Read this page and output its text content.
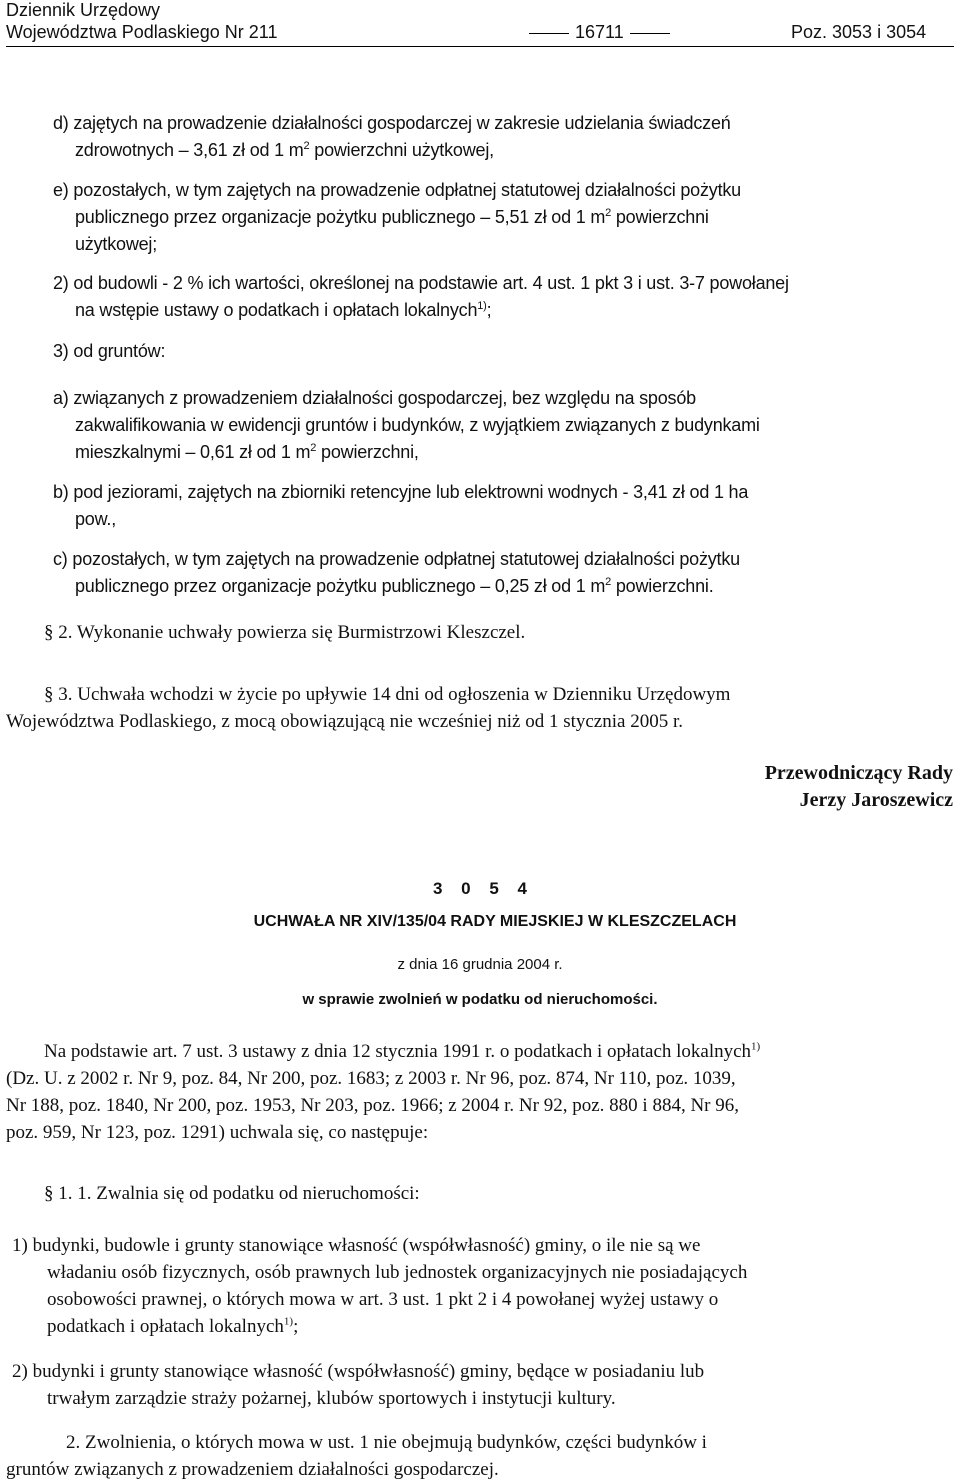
Dziennik Urzędowy
Województwa Podlaskiego Nr 211	16711	Poz. 3053 i 3054
d) zajętych na prowadzenie działalności gospodarczej w zakresie udzielania świadczeń
zdrowotnych – 3,61 zł od 1 $m^2$ powierzchni użytkowej,
e) pozostałych, w tym zajętych na prowadzenie odpłatnej statutowej działalności pożytku
publicznego przez organizacje pożytku publicznego – 5,51 zł od 1 $m^2$ powierzchni
użytkowej;
2) od budowli - 2 % ich wartości, określonej na podstawie art. 4 ust. 1 pkt 3 i ust. 3-7 powołanej
na wstępie ustawy o podatkach i opłatach lokalnych$^{1)}$;
3) od gruntów:
a) związanych z prowadzeniem działalności gospodarczej, bez względu na sposób
zakwalifikowania w ewidencji gruntów i budynków, z wyjątkiem związanych z budynkami
mieszkalnymi – 0,61 zł od 1 $m^2$ powierzchni,
b) pod jeziorami, zajętych na zbiorniki retencyjne lub elektrowni wodnych - 3,41 zł od 1 ha
pow.,
c) pozostałych, w tym zajętych na prowadzenie odpłatnej statutowej działalności pożytku
publicznego przez organizacje pożytku publicznego – 0,25 zł od 1 $m^2$ powierzchni.
§ 2. Wykonanie uchwały powierza się Burmistrzowi Kleszczel.
§ 3. Uchwała wchodzi w życie po upływie 14 dni od ogłoszenia w Dzienniku Urzędowym
Województwa Podlaskiego, z mocą obowiązującą nie wcześniej niż od 1 stycznia 2005 r.
Przewodniczący Rady
Jerzy Jaroszewicz
3 0 5 4
UCHWAŁA NR XIV/135/04 RADY MIEJSKIEJ W KLESZCZELACH
z dnia 16 grudnia 2004 r.
w sprawie zwolnień w podatku od nieruchomości.
Na podstawie art. 7 ust. 3 ustawy z dnia 12 stycznia 1991 r. o podatkach i opłatach lokalnych$^{1)}$
(Dz. U. z 2002 r. Nr 9, poz. 84, Nr 200, poz. 1683; z 2003 r. Nr 96, poz. 874, Nr 110, poz. 1039,
Nr 188, poz. 1840, Nr 200, poz. 1953, Nr 203, poz. 1966; z 2004 r. Nr 92, poz. 880 i 884, Nr 96,
poz. 959, Nr 123, poz. 1291) uchwala się, co następuje:
§ 1. 1. Zwalnia się od podatku od nieruchomości:
1) budynki, budowle i grunty stanowiące własność (współwłasność) gminy, o ile nie są we
władaniu osób fizycznych, osób prawnych lub jednostek organizacyjnych nie posiadających
osobowości prawnej, o których mowa w art. 3 ust. 1 pkt 2 i 4 powołanej wyżej ustawy o
podatkach i opłatach lokalnych$^{1)}$;
2) budynki i grunty stanowiące własność (współwłasność) gminy, będące w posiadaniu lub
trwałym zarządzie straży pożarnej, klubów sportowych i instytucji kultury.
2. Zwolnienia, o których mowa w ust. 1 nie obejmują budynków, części budynków i
gruntów związanych z prowadzeniem działalności gospodarczej.
